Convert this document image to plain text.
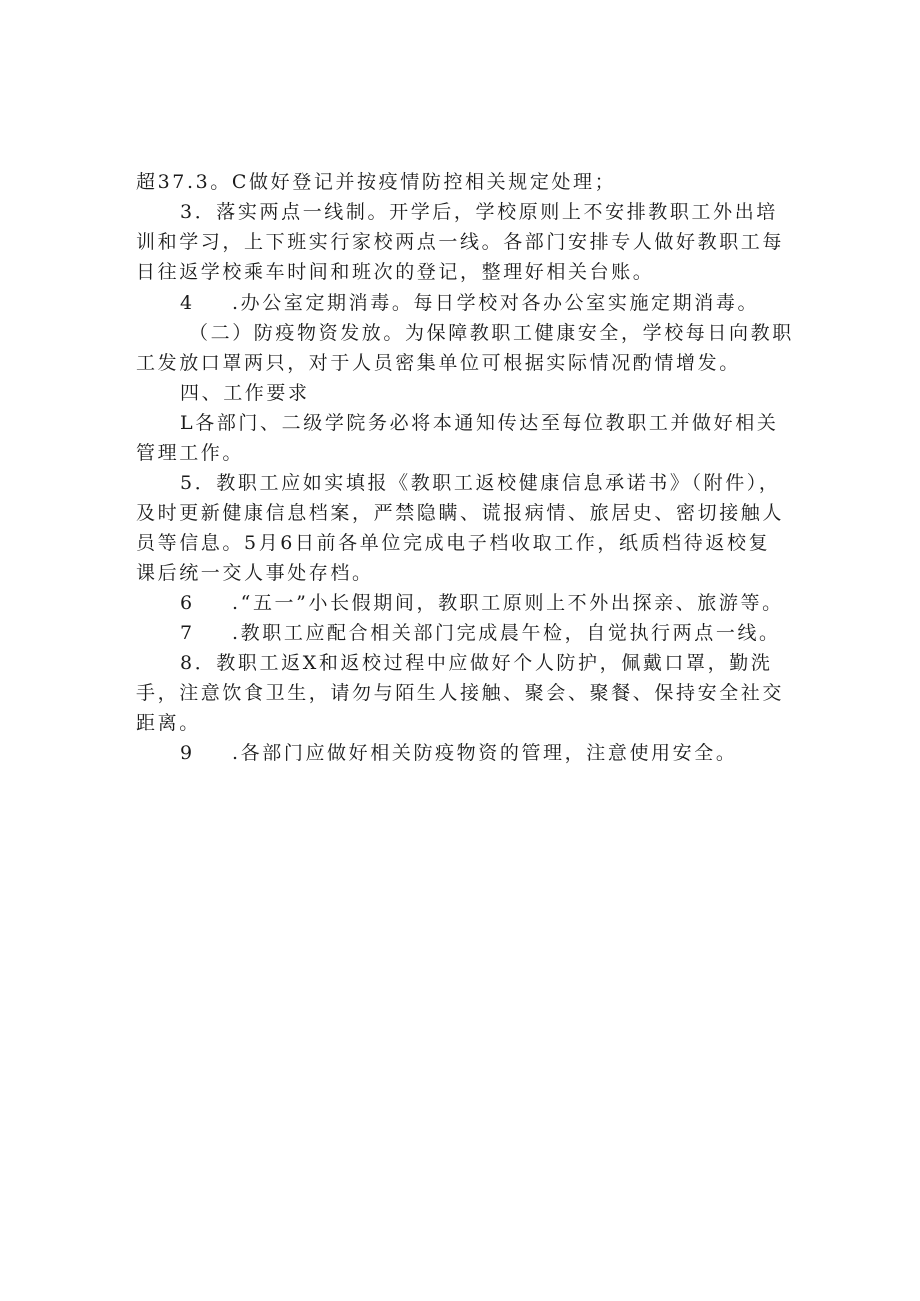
超37.3。C做好登记并按疫情防控相关规定处理；
3．落实两点一线制。开学后，学校原则上不安排教职工外出培
训和学习，上下班实行家校两点一线。各部门安排专人做好教职工每
日往返学校乘车时间和班次的登记，整理好相关台账。
4 .办公室定期消毒。每日学校对各办公室实施定期消毒。
（二）防疫物资发放。为保障教职工健康安全，学校每日向教职
工发放口罩两只，对于人员密集单位可根据实际情况酌情增发。
四、工作要求
L各部门、二级学院务必将本通知传达至每位教职工并做好相关
管理工作。
5．教职工应如实填报《教职工返校健康信息承诺书》（附件），
及时更新健康信息档案，严禁隐瞒、谎报病情、旅居史、密切接触人
员等信息。5月6日前各单位完成电子档收取工作，纸质档待返校复
课后统一交人事处存档。
6 .“五一”小长假期间，教职工原则上不外出探亲、旅游等。
7 .教职工应配合相关部门完成晨午检，自觉执行两点一线。
8．教职工返X和返校过程中应做好个人防护，佩戴口罩，勤洗
手，注意饮食卫生，请勿与陌生人接触、聚会、聚餐、保持安全社交
距离。
9 .各部门应做好相关防疫物资的管理，注意使用安全。
